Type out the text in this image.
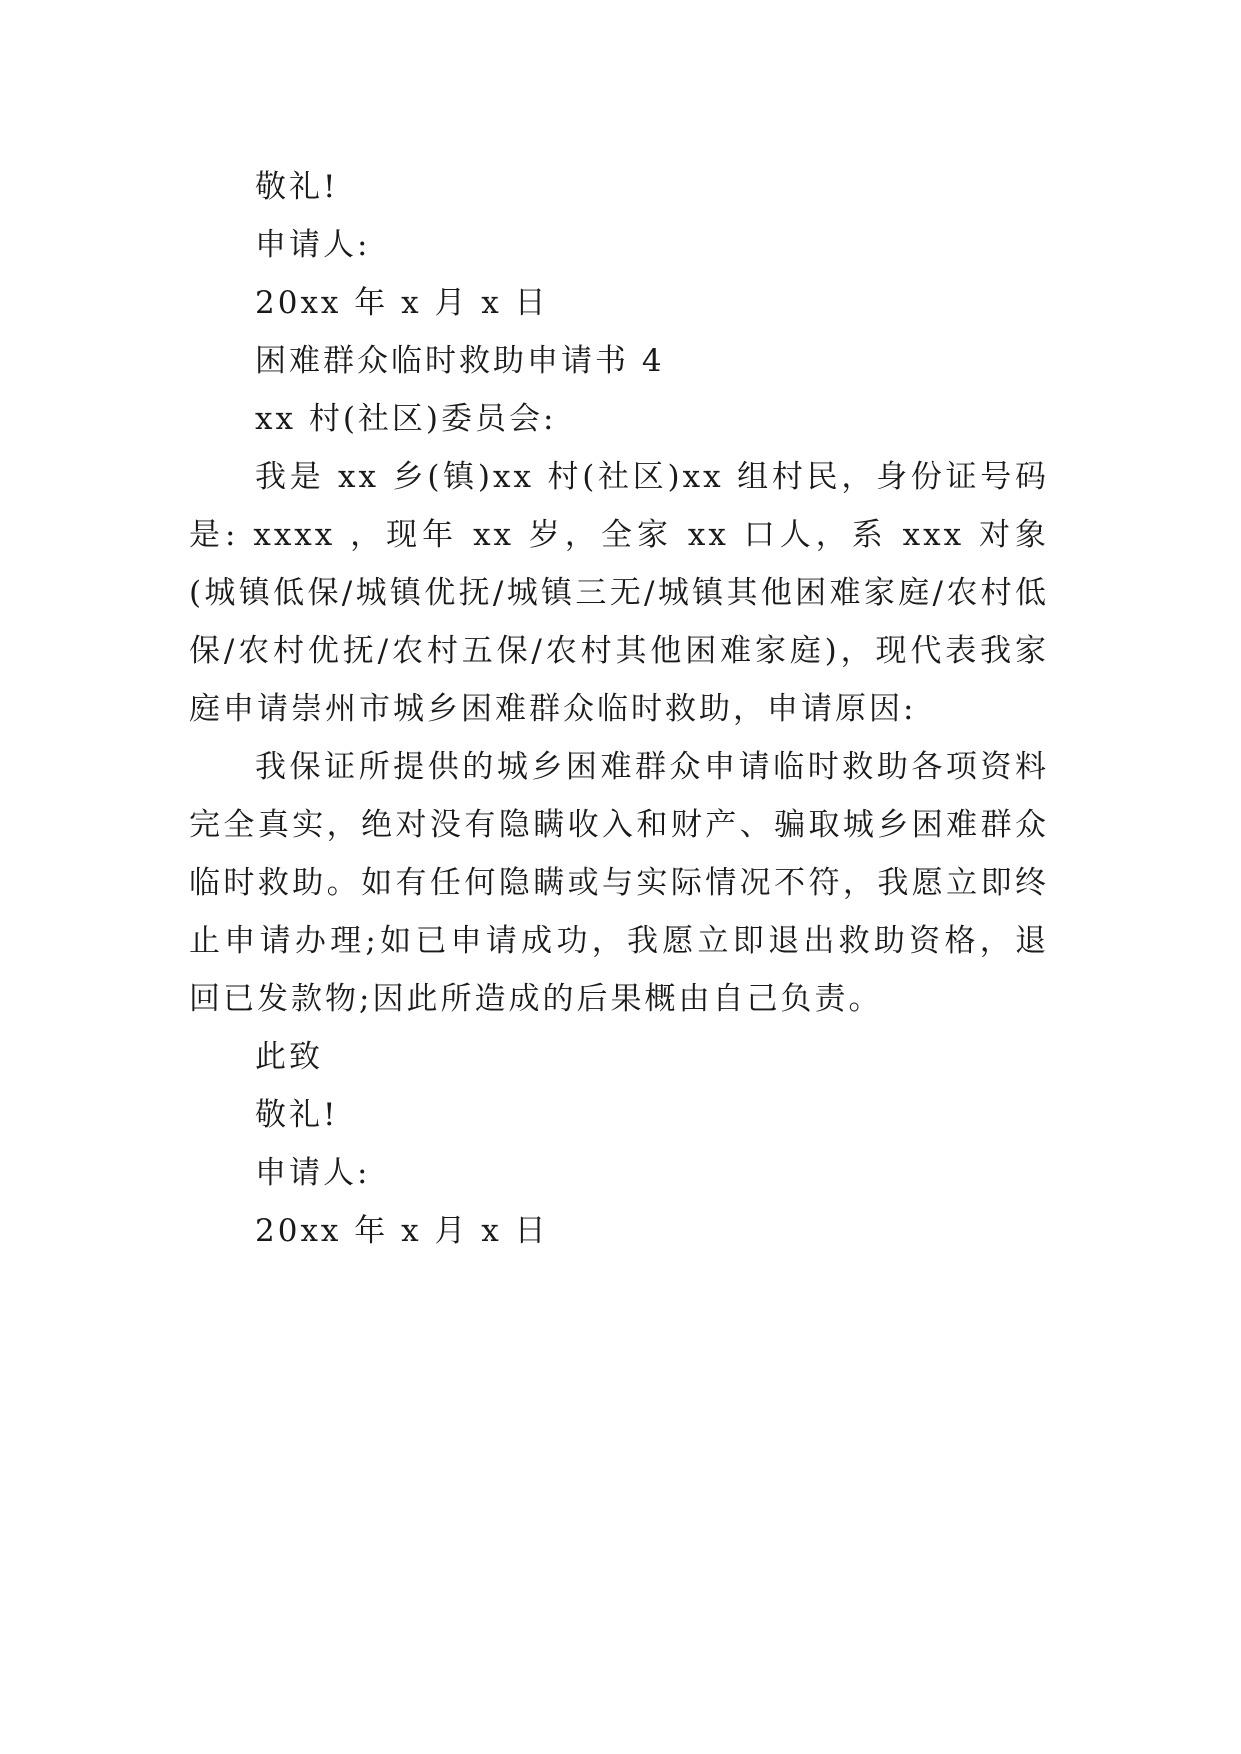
敬礼!

申请人:

20xx 年 x 月 x 日

困难群众临时救助申请书 4

xx 村(社区)委员会:

我是 xx 乡(镇)xx 村(社区)xx 组村民，身份证号码是: xxxx ，现年 xx 岁，全家 xx 口人，系 xxx 对象(城镇低保/城镇优抚/城镇三无/城镇其他困难家庭/农村低保/农村优抚/农村五保/农村其他困难家庭)，现代表我家庭申请崇州市城乡困难群众临时救助，申请原因:

我保证所提供的城乡困难群众申请临时救助各项资料完全真实，绝对没有隐瞒收入和财产、骗取城乡困难群众临时救助。如有任何隐瞒或与实际情况不符，我愿立即终止申请办理;如已申请成功，我愿立即退出救助资格，退回已发款物;因此所造成的后果概由自己负责。

此致

敬礼!

申请人:

20xx 年 x 月 x 日
